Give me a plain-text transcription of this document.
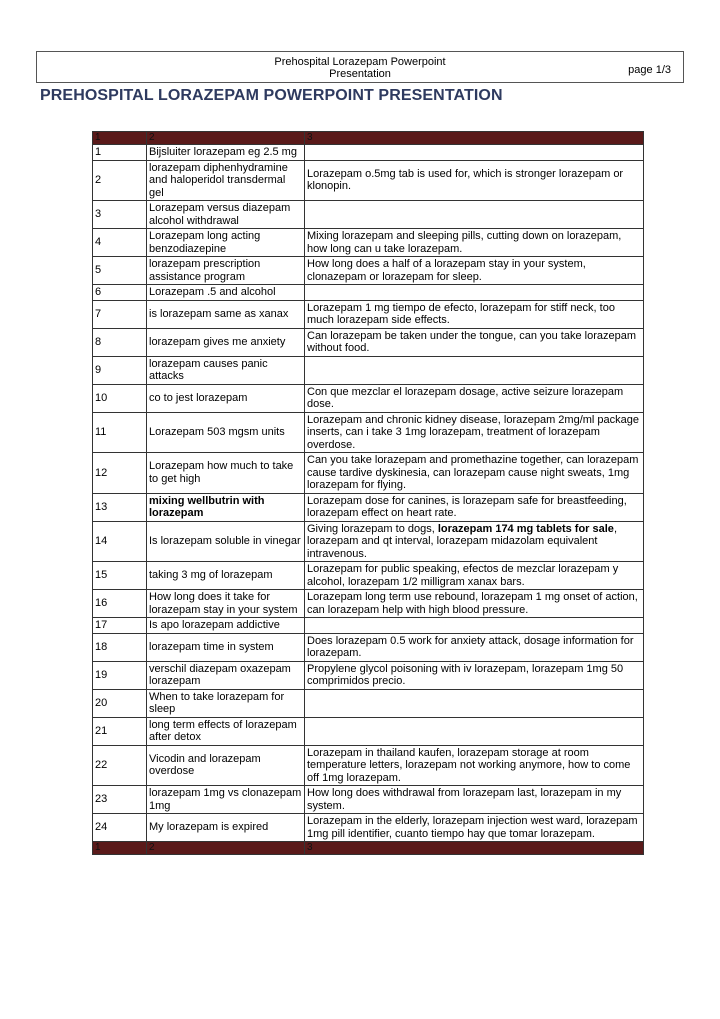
Prehospital Lorazepam Powerpoint
Presentation	page 1/3
PREHOSPITAL LORAZEPAM POWERPOINT PRESENTATION
1	2	3
1	Bijsluiter lorazepam eg 2.5 mg	
2	lorazepam diphenhydramine and haloperidol transdermal gel	Lorazepam o.5mg tab is used for, which is stronger lorazepam or klonopin.
3	Lorazepam versus diazepam alcohol withdrawal	
4	Lorazepam long acting benzodiazepine	Mixing lorazepam and sleeping pills, cutting down on lorazepam, how long can u take lorazepam.
5	lorazepam prescription assistance program	How long does a half of a lorazepam stay in your system, clonazepam or lorazepam for sleep.
6	Lorazepam .5 and alcohol	
7	is lorazepam same as xanax	Lorazepam 1 mg tiempo de efecto, lorazepam for stiff neck, too much lorazepam side effects.
8	lorazepam gives me anxiety	Can lorazepam be taken under the tongue, can you take lorazepam without food.
9	lorazepam causes panic attacks	
10	co to jest lorazepam	Con que mezclar el lorazepam dosage, active seizure lorazepam dose.
11	Lorazepam 503 mgsm units	Lorazepam and chronic kidney disease, lorazepam 2mg/ml package inserts, can i take 3 1mg lorazepam, treatment of lorazepam overdose.
12	Lorazepam how much to take to get high	Can you take lorazepam and promethazine together, can lorazepam cause tardive dyskinesia, can lorazepam cause night sweats, 1mg lorazepam for flying.
13	mixing wellbutrin with lorazepam	Lorazepam dose for canines, is lorazepam safe for breastfeeding, lorazepam effect on heart rate.
14	Is lorazepam soluble in vinegar	Giving lorazepam to dogs, lorazepam 174 mg tablets for sale, lorazepam and qt interval, lorazepam midazolam equivalent intravenous.
15	taking 3 mg of lorazepam	Lorazepam for public speaking, efectos de mezclar lorazepam y alcohol, lorazepam 1/2 milligram xanax bars.
16	How long does it take for lorazepam stay in your system	Lorazepam long term use rebound, lorazepam 1 mg onset of action, can lorazepam help with high blood pressure.
17	Is apo lorazepam addictive	
18	lorazepam time in system	Does lorazepam 0.5 work for anxiety attack, dosage information for lorazepam.
19	verschil diazepam oxazepam lorazepam	Propylene glycol poisoning with iv lorazepam, lorazepam 1mg 50 comprimidos precio.
20	When to take lorazepam for sleep	
21	long term effects of lorazepam after detox	
22	Vicodin and lorazepam overdose	Lorazepam in thailand kaufen, lorazepam storage at room temperature letters, lorazepam not working anymore, how to come off 1mg lorazepam.
23	lorazepam 1mg vs clonazepam 1mg	How long does withdrawal from lorazepam last, lorazepam in my system.
24	My lorazepam is expired	Lorazepam in the elderly, lorazepam injection west ward, lorazepam 1mg pill identifier, cuanto tiempo hay que tomar lorazepam.
1	2	3
